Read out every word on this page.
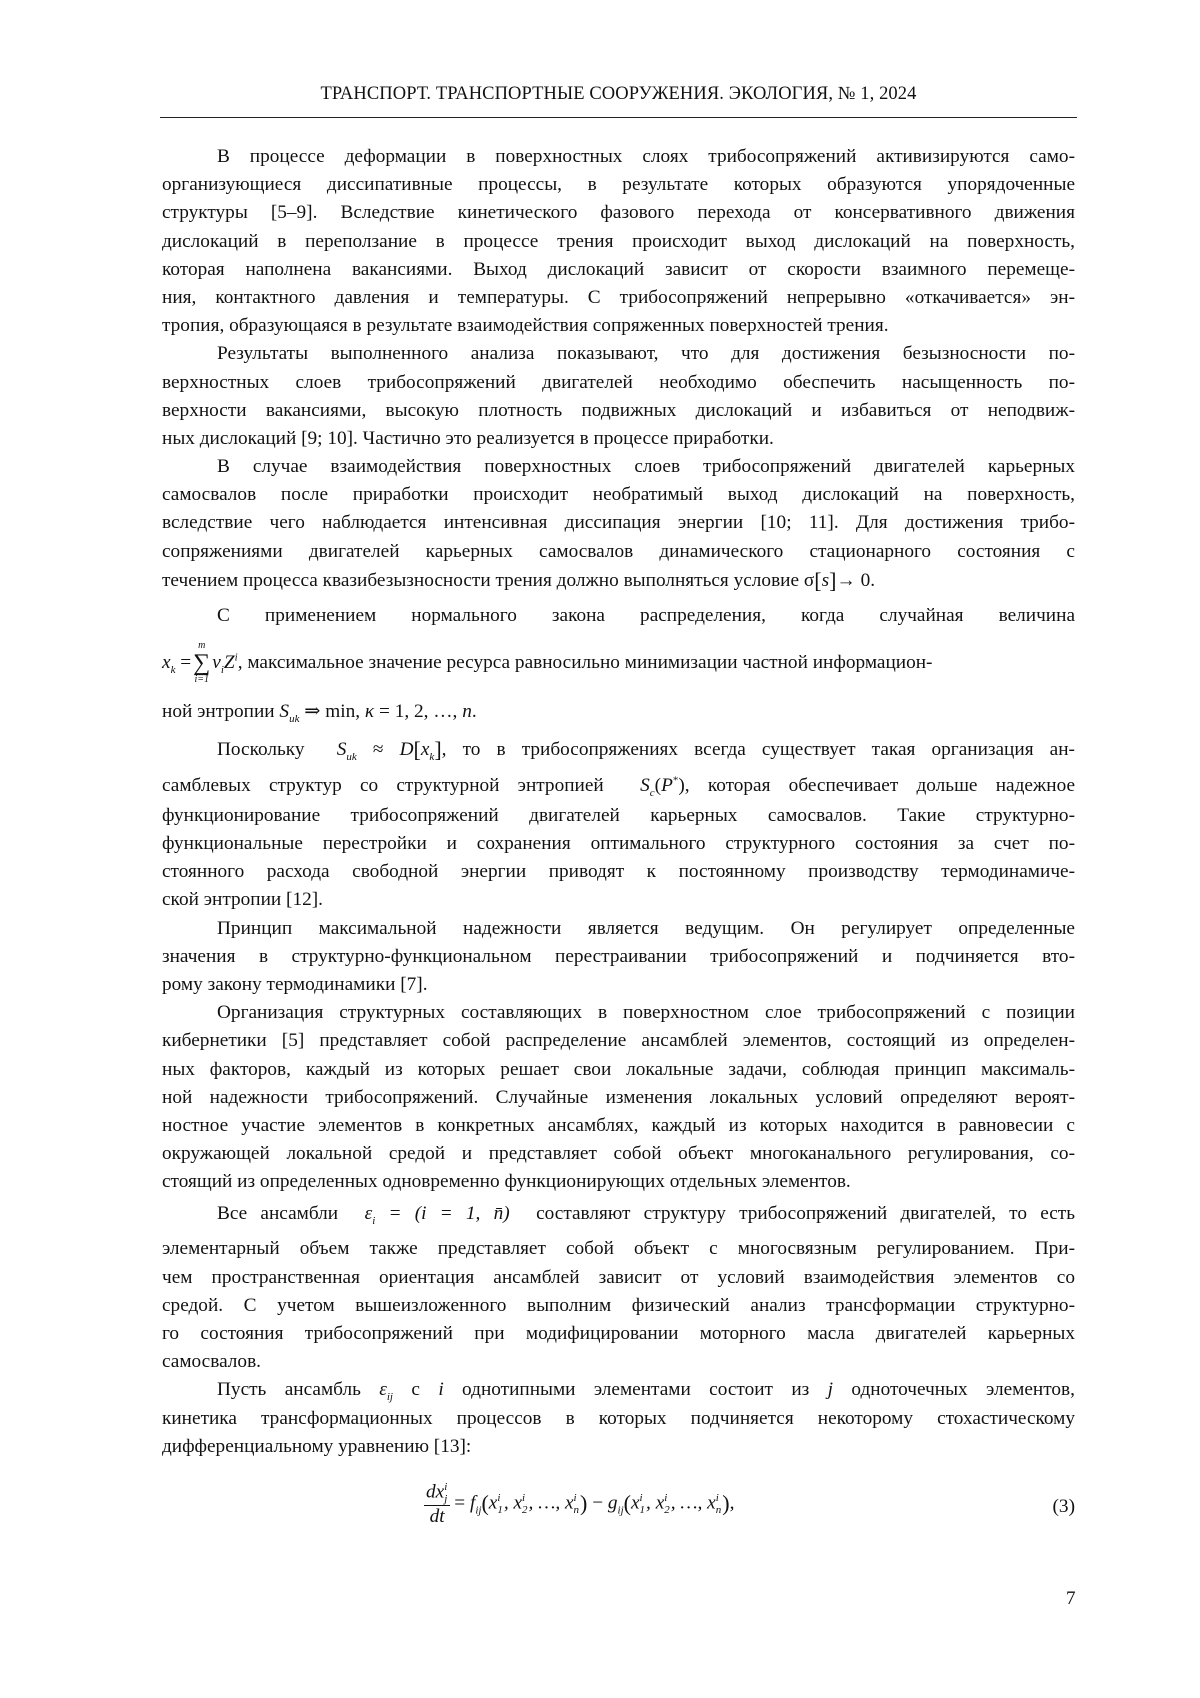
ТРАНСПОРТ. ТРАНСПОРТНЫЕ СООРУЖЕНИЯ. ЭКОЛОГИЯ, № 1, 2024
В процессе деформации в поверхностных слоях трибосопряжений активизируются само-
организующиеся диссипативные процессы, в результате которых образуются упорядоченные
структуры [5–9]. Вследствие кинетического фазового перехода от консервативного движения
дислокаций в переползание в процессе трения происходит выход дислокаций на поверхность,
которая наполнена вакансиями. Выход дислокаций зависит от скорости взаимного перемеще-
ния, контактного давления и температуры. С трибосопряжений непрерывно «откачивается» эн-
тропия, образующаяся в результате взаимодействия сопряженных поверхностей трения.
Результаты выполненного анализа показывают, что для достижения безызносности по-
верхностных слоев трибосопряжений двигателей необходимо обеспечить насыщенность по-
верхности вакансиями, высокую плотность подвижных дислокаций и избавиться от неподвиж-
ных дислокаций [9; 10]. Частично это реализуется в процессе приработки.
В случае взаимодействия поверхностных слоев трибосопряжений двигателей карьерных
самосвалов после приработки происходит необратимый выход дислокаций на поверхность,
вследствие чего наблюдается интенсивная диссипация энергии [10; 11]. Для достижения трибо-
сопряжениями двигателей карьерных самосвалов динамического стационарного состояния с
течением процесса квазибезызносности трения должно выполняться условие σ[s]→ 0.
С применением нормального закона распределения, когда случайная величина
xk =
m
∑
i=1
νiZi, максимальное значение ресурса равносильно минимизации частной информацион-
ной энтропии Suk ⇒ min, κ = 1, 2, …, n.
Поскольку Suk ≈ D[xk], то в трибосопряжениях всегда существует такая организация ан-
самблевых структур со структурной энтропией Sc(P*), которая обеспечивает дольше надежное
функционирование трибосопряжений двигателей карьерных самосвалов. Такие структурно-
функциональные перестройки и сохранения оптимального структурного состояния за счет по-
стоянного расхода свободной энергии приводят к постоянному производству термодинамиче-
ской энтропии [12].
Принцип максимальной надежности является ведущим. Он регулирует определенные
значения в структурно-функциональном перестраивании трибосопряжений и подчиняется вто-
рому закону термодинамики [7].
Организация структурных составляющих в поверхностном слое трибосопряжений с позиции
кибернетики [5] представляет собой распределение ансамблей элементов, состоящий из определен-
ных факторов, каждый из которых решает свои локальные задачи, соблюдая принцип максималь-
ной надежности трибосопряжений. Случайные изменения локальных условий определяют вероят-
ностное участие элементов в конкретных ансамблях, каждый из которых находится в равновесии с
окружающей локальной средой и представляет собой объект многоканального регулирования, со-
стоящий из определенных одновременно функционирующих отдельных элементов.
Все ансамбли εi = (i = 1, n̄) составляют структуру трибосопряжений двигателей, то есть
элементарный объем также представляет собой объект с многосвязным регулированием. При-
чем пространственная ориентация ансамблей зависит от условий взаимодействия элементов со
средой. С учетом вышеизложенного выполним физический анализ трансформации структурно-
го состояния трибосопряжений при модифицировании моторного масла двигателей карьерных
самосвалов.
Пусть ансамбль εij с i однотипными элементами состоит из j одноточечных элементов,
кинетика трансформационных процессов в которых подчиняется некоторому стохастическому
дифференциальному уравнению [13]:
dx i
j
dt
= fij(x i
1 , x i
2 , …, x i
n ) − gij(x i
1 , x i
2 , …, x i
n ),	(3)
7
